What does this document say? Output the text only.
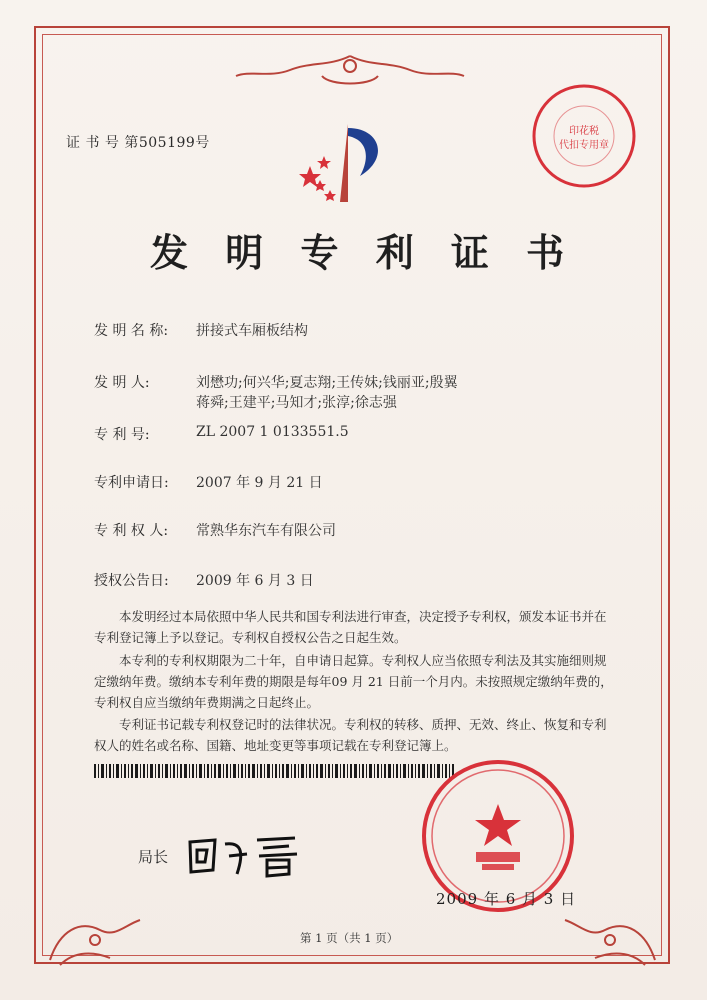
证 书 号 第505199号
印花税
代扣专用章
发 明 专 利 证 书
发 明 名 称: 拼接式车厢板结构
发 明 人:	刘懋功;何兴华;夏志翔;王传妹;钱丽亚;殷翼
蒋舜;王建平;马知才;张淳;徐志强
专 利 号:	ZL 2007 1 0133551.5
专利申请日: 2007 年 9 月 21 日
专 利 权 人: 常熟华东汽车有限公司
授权公告日: 2009 年 6 月 3 日
本发明经过本局依照中华人民共和国专利法进行审查，决定授予专利权，颁发本证书并在专利登记簿上予以登记。专利权自授权公告之日起生效。
本专利的专利权期限为二十年，自申请日起算。专利权人应当依照专利法及其实施细则规定缴纳年费。缴纳本专利年费的期限是每年09 月 21 日前一个月内。未按照规定缴纳年费的，专利权自应当缴纳年费期满之日起终止。
专利证书记载专利权登记时的法律状况。专利权的转移、质押、无效、终止、恢复和专利权人的姓名或名称、国籍、地址变更等事项记载在专利登记簿上。
局长
2009 年 6 月 3 日
第 1 页（共 1 页）
